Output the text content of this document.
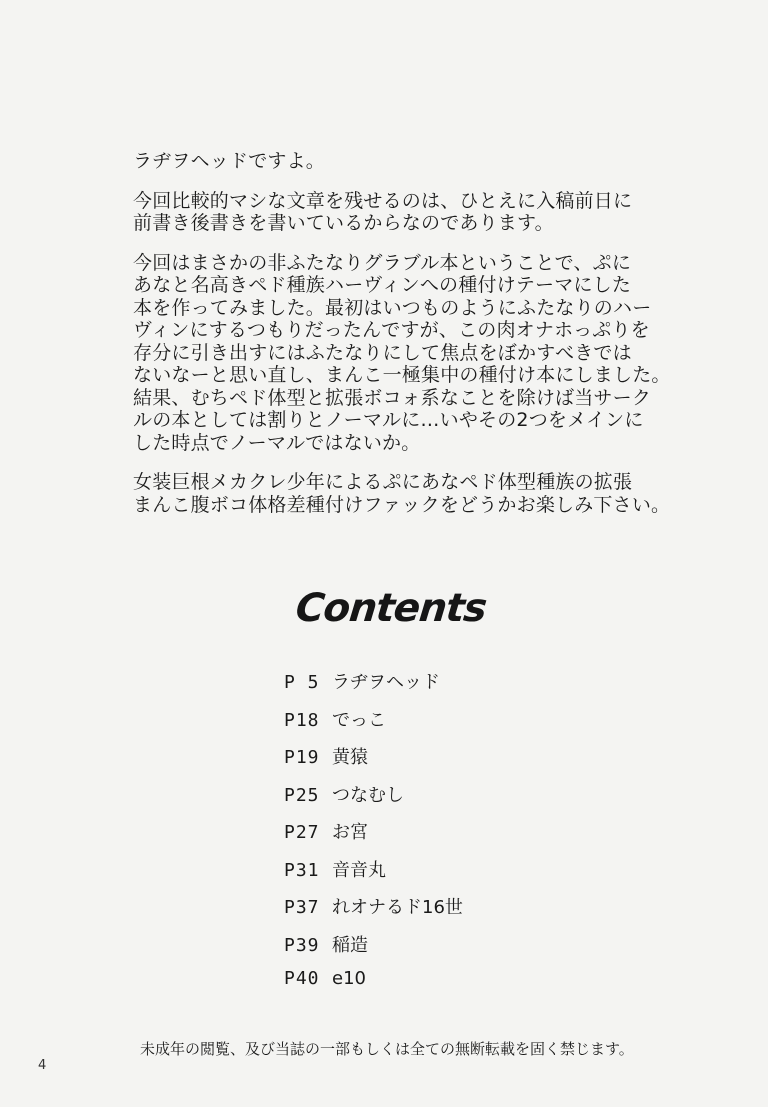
ラヂヲヘッドですよ。
今回比較的マシな文章を残せるのは、ひとえに入稿前日に
前書き後書きを書いているからなのであります。
今回はまさかの非ふたなりグラブル本ということで、ぷに
あなと名高きペド種族ハーヴィンへの種付けテーマにした
本を作ってみました。最初はいつものようにふたなりのハー
ヴィンにするつもりだったんですが、この肉オナホっぷりを
存分に引き出すにはふたなりにして焦点をぼかすべきでは
ないなーと思い直し、まんこ一極集中の種付け本にしました。
結果、むちペド体型と拡張ボコォ系なことを除けば当サーク
ルの本としては割りとノーマルに…いやその2つをメインに
した時点でノーマルではないか。
女装巨根メカクレ少年によるぷにあなペド体型種族の拡張
まんこ腹ボコ体格差種付けファックをどうかお楽しみ下さい。
Contents
P 5 ラヂヲヘッド
P18 でっこ
P19 黄猿
P25 つなむし
P27 お宮
P31 音音丸
P37 れオナるド16世
P39 稲造
P40 e10
未成年の閲覧、及び当誌の一部もしくは全ての無断転載を固く禁じます。
4
